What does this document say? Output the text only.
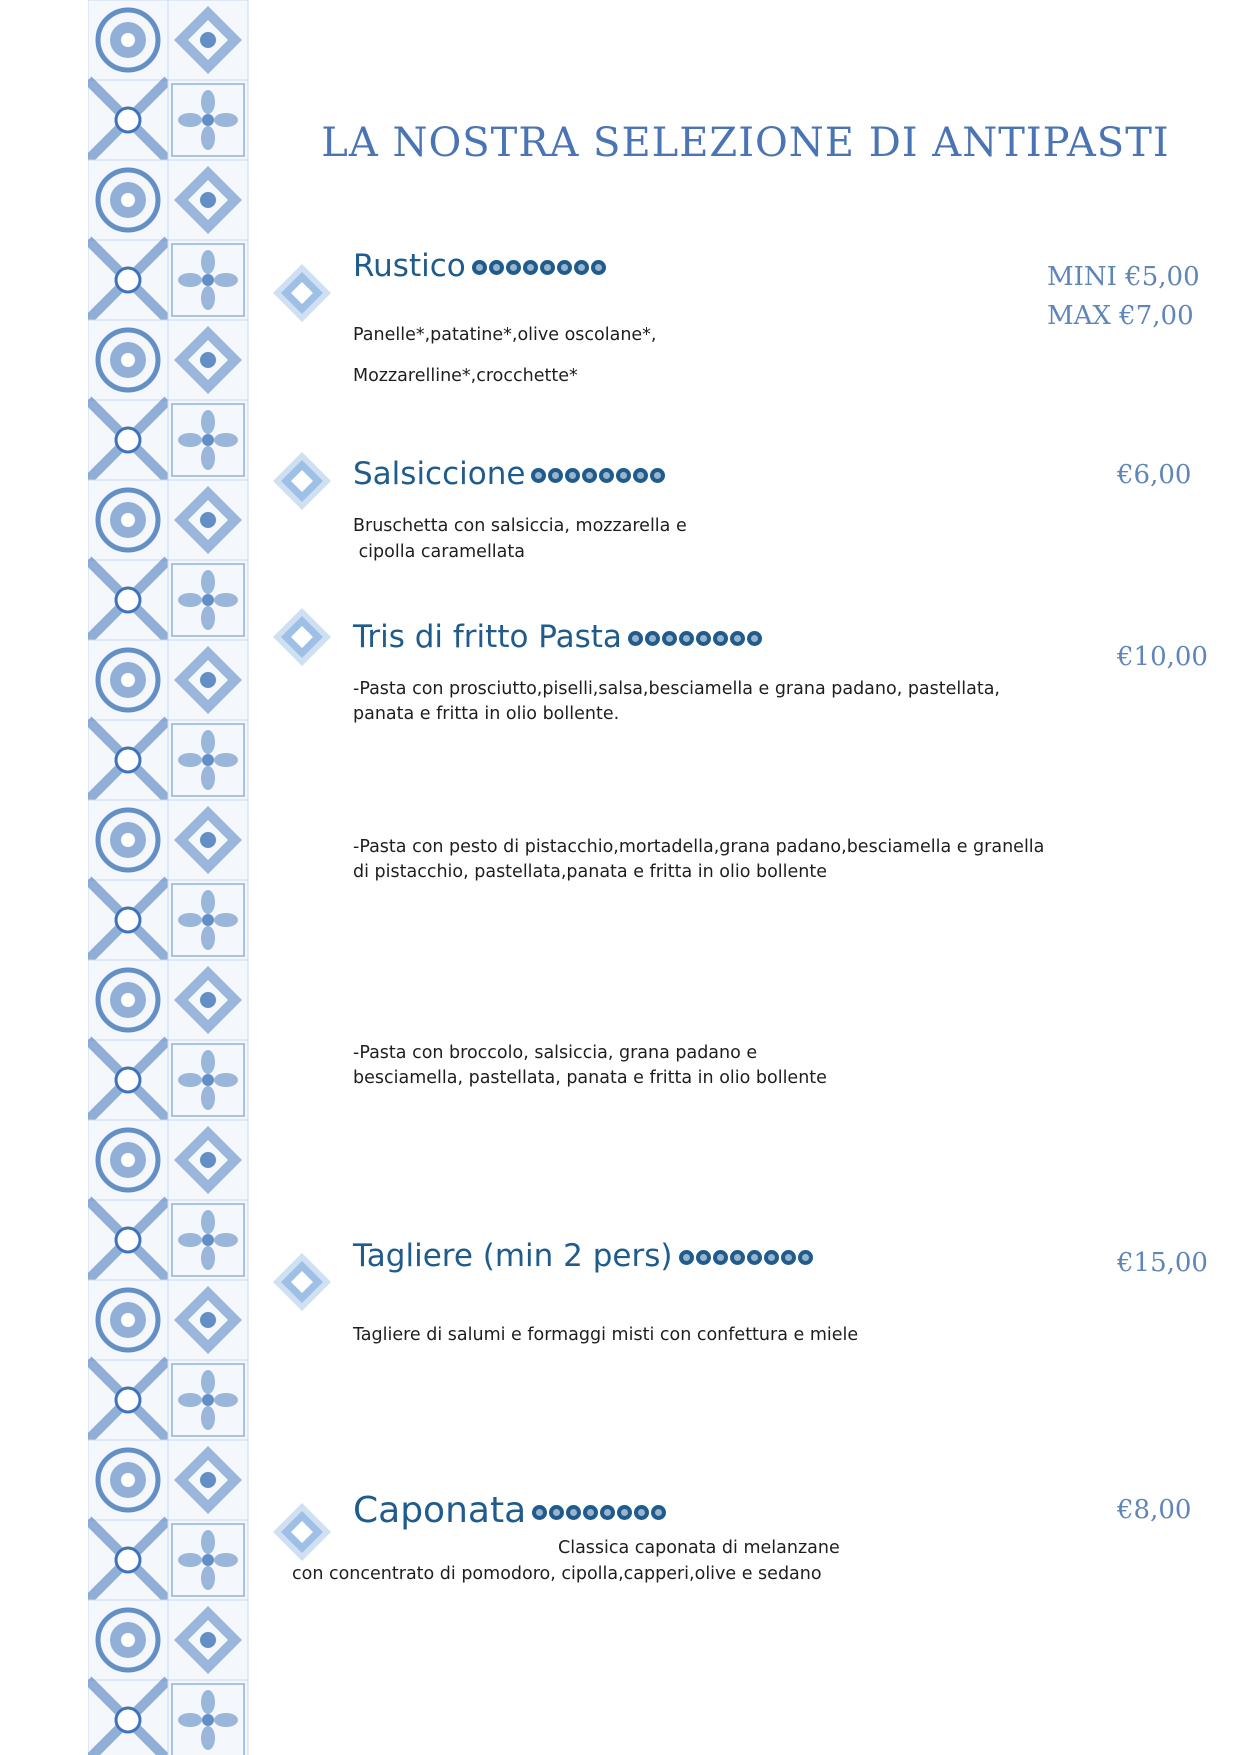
LA NOSTRA SELEZIONE DI ANTIPASTI
Rustico
Panelle*,patatine*,olive oscolane*,
Mozzarelline*,crocchette*
MINI €5,00
MAX €7,00
Salsiccione
Bruschetta con salsiccia, mozzarella e
cipolla caramellata
€6,00
Tris di fritto Pasta
-Pasta con prosciutto,piselli,salsa,besciamella e grana padano, pastellata,
panata e fritta in olio bollente.
-Pasta con pesto di pistacchio,mortadella,grana padano,besciamella e granella
di pistacchio, pastellata,panata e fritta in olio bollente
-Pasta con broccolo, salsiccia, grana padano e
besciamella, pastellata, panata e fritta in olio bollente
€10,00
Tagliere (min 2 pers)
Tagliere di salumi e formaggi misti con confettura e miele
€15,00
Caponata
Classica caponata di melanzane
con concentrato di pomodoro, cipolla,capperi,olive e sedano
€8,00
